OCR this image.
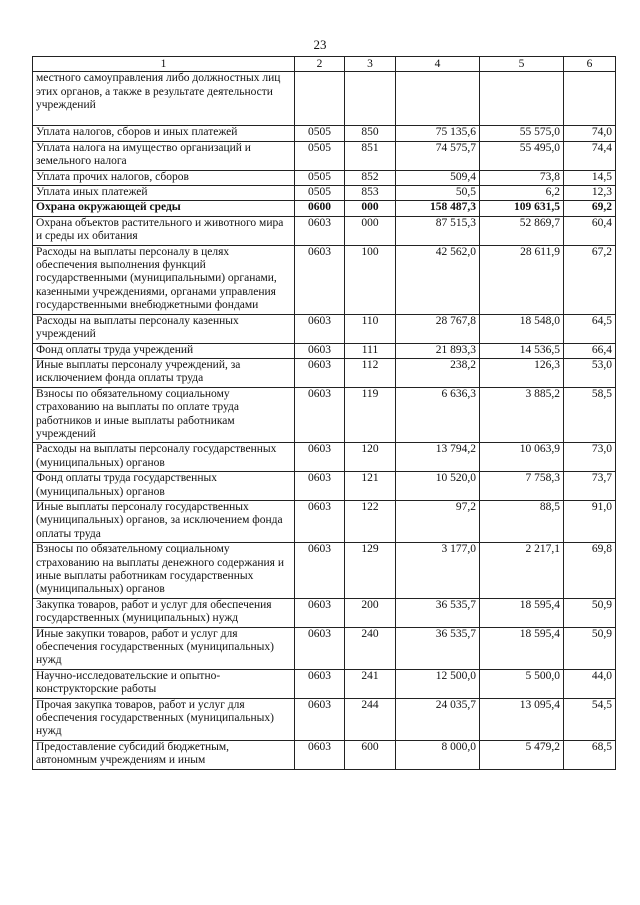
23
1	2	3	4	5	6
местного самоуправления либо должностных лиц этих органов, а также в результате деятельности учреждений					
Уплата налогов, сборов и иных платежей	0505	850	75 135,6	55 575,0	74,0
Уплата налога на имущество организаций и земельного налога	0505	851	74 575,7	55 495,0	74,4
Уплата прочих налогов, сборов	0505	852	509,4	73,8	14,5
Уплата иных платежей	0505	853	50,5	6,2	12,3
Охрана окружающей среды	0600	000	158 487,3	109 631,5	69,2
Охрана объектов растительного и животного мира и среды их обитания	0603	000	87 515,3	52 869,7	60,4
Расходы на выплаты персоналу в целях обеспечения выполнения функций государственными (муниципальными) органами, казенными учреждениями, органами управления государственными внебюджетными фондами	0603	100	42 562,0	28 611,9	67,2
Расходы на выплаты персоналу казенных учреждений	0603	110	28 767,8	18 548,0	64,5
Фонд оплаты труда учреждений	0603	111	21 893,3	14 536,5	66,4
Иные выплаты персоналу учреждений, за исключением фонда оплаты труда	0603	112	238,2	126,3	53,0
Взносы по обязательному социальному страхованию на выплаты по оплате труда работников и иные выплаты работникам учреждений	0603	119	6 636,3	3 885,2	58,5
Расходы на выплаты персоналу государственных (муниципальных) органов	0603	120	13 794,2	10 063,9	73,0
Фонд оплаты труда государственных (муниципальных) органов	0603	121	10 520,0	7 758,3	73,7
Иные выплаты персоналу государственных (муниципальных) органов, за исключением фонда оплаты труда	0603	122	97,2	88,5	91,0
Взносы по обязательному социальному страхованию на выплаты денежного содержания и иные выплаты работникам государственных (муниципальных) органов	0603	129	3 177,0	2 217,1	69,8
Закупка товаров, работ и услуг для обеспечения государственных (муниципальных) нужд	0603	200	36 535,7	18 595,4	50,9
Иные закупки товаров, работ и услуг для обеспечения государственных (муниципальных) нужд	0603	240	36 535,7	18 595,4	50,9
Научно-исследовательские и опытно-конструкторские работы	0603	241	12 500,0	5 500,0	44,0
Прочая закупка товаров, работ и услуг для обеспечения государственных (муниципальных) нужд	0603	244	24 035,7	13 095,4	54,5
Предоставление субсидий бюджетным, автономным учреждениям и иным	0603	600	8 000,0	5 479,2	68,5
